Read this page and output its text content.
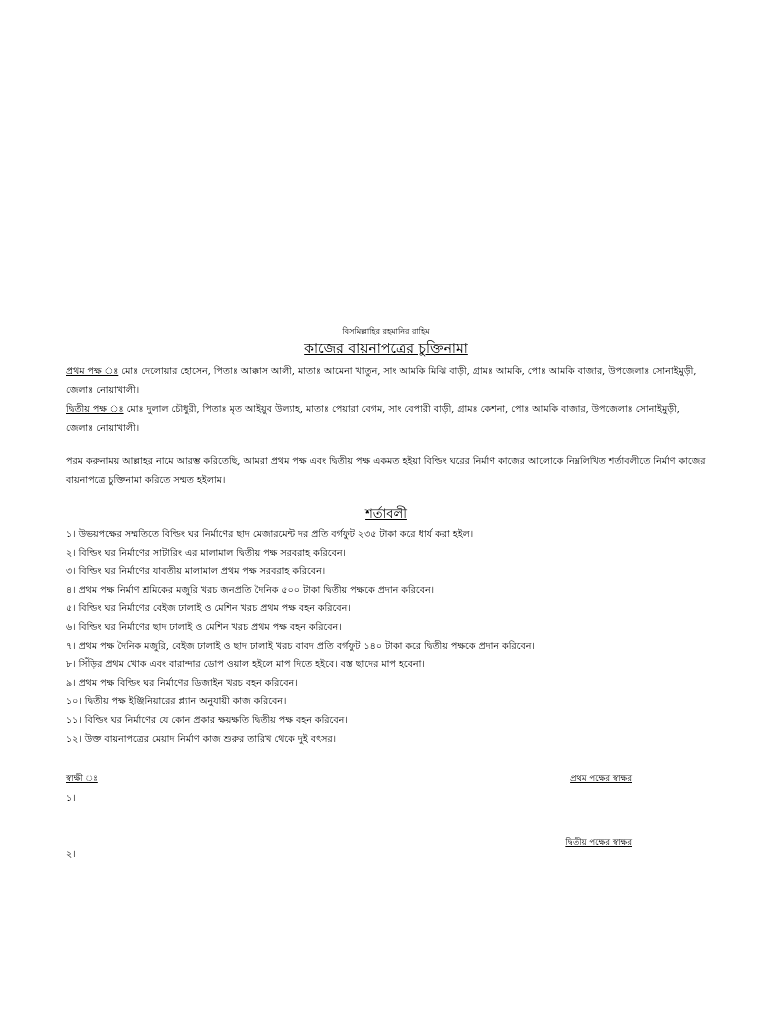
বিসমিল্লাহির রহমানির রাহিম

কাজের বায়নাপত্রের চুক্তিনামা

প্রথম পক্ষ ঃ মোঃ দেলোয়ার হোসেন, পিতাঃ আক্কাস আলী, মাতাঃ আমেনা খাতুন, সাং আমকি মিঝি বাড়ী, গ্রামঃ আমকি, পোঃ আমকি বাজার, উপজেলাঃ সোনাইমুড়ী, জেলাঃ নোয়াখালী।

দ্বিতীয় পক্ষ ঃ মোঃ দুলাল চৌধুরী, পিতাঃ মৃত আইয়ুব উল্যাহ, মাতাঃ পেয়ারা বেগম, সাং বেপারী বাড়ী, গ্রামঃ কেশনা, পোঃ আমকি বাজার, উপজেলাঃ সোনাইমুড়ী, জেলাঃ নোয়াখালী।

পরম করুনাময় আল্লাহর নামে আরম্ভ করিতেছি, আমরা প্রথম পক্ষ এবং দ্বিতীয় পক্ষ একমত হইয়া বিল্ডিং ঘরের নির্মাণ কাজের আলোকে নিম্নলিখিত শর্তাবলীতে নির্মাণ কাজের বায়নাপত্রে চুক্তিনামা করিতে সম্মত হইলাম।

শর্তাবলী
১। উভয়পক্ষের সম্মতিতে বিল্ডিং ঘর নির্মাণের ছাদ মেজারমেন্ট দর প্রতি বর্গফুট ২৩৫ টাকা করে ধার্য করা হইল।
২। বিল্ডিং ঘর নির্মাণের সাটারিং এর মালামাল দ্বিতীয় পক্ষ সরবরাহ করিবেন।
৩। বিল্ডিং ঘর নির্মাণের যাবতীয় মালামাল প্রথম পক্ষ সরবরাহ করিবেন।
৪। প্রথম পক্ষ নির্মাণ শ্রমিকের মজুরি খরচ জনপ্রতি দৈনিক ৫০০ টাকা দ্বিতীয় পক্ষকে প্রদান করিবেন।
৫। বিল্ডিং ঘর নির্মাণের বেইজ ঢালাই ও মেশিন খরচ প্রথম পক্ষ বহন করিবেন।
৬। বিল্ডিং ঘর নির্মাণের ছাদ ঢালাই ও মেশিন খরচ প্রথম পক্ষ বহন করিবেন।
৭। প্রথম পক্ষ দৈনিক মজুরি, বেইজ ঢালাই ও ছাদ ঢালাই খরচ বাবদ প্রতি বর্গফুট ১৪০ টাকা করে দ্বিতীয় পক্ষকে প্রদান করিবেন।
৮। সিঁড়ির প্রথম খোক এবং বারান্দার ডোপ ওয়াল হইলে মাপ দিতে হইবে। বস্ত ছাদের মাপ হবেনা।
৯। প্রথম পক্ষ বিল্ডিং ঘর নির্মাণের ডিজাইন খরচ বহন করিবেন।
১০। দ্বিতীয় পক্ষ ইঞ্জিনিয়ারের প্ল্যান অনুযায়ী কাজ করিবেন।
১১। বিল্ডিং ঘর নির্মাণের যে কোন প্রকার ক্ষয়ক্ষতি দ্বিতীয় পক্ষ বহন করিবেন।
১২। উক্ত বায়নাপত্রের মেয়াদ নির্মাণ কাজ শুরুর তারিখ থেকে দুই বৎসর।
স্বাক্ষী ঃ
১।
২।
প্রথম পক্ষের স্বাক্ষর
দ্বিতীয় পক্ষের স্বাক্ষর
